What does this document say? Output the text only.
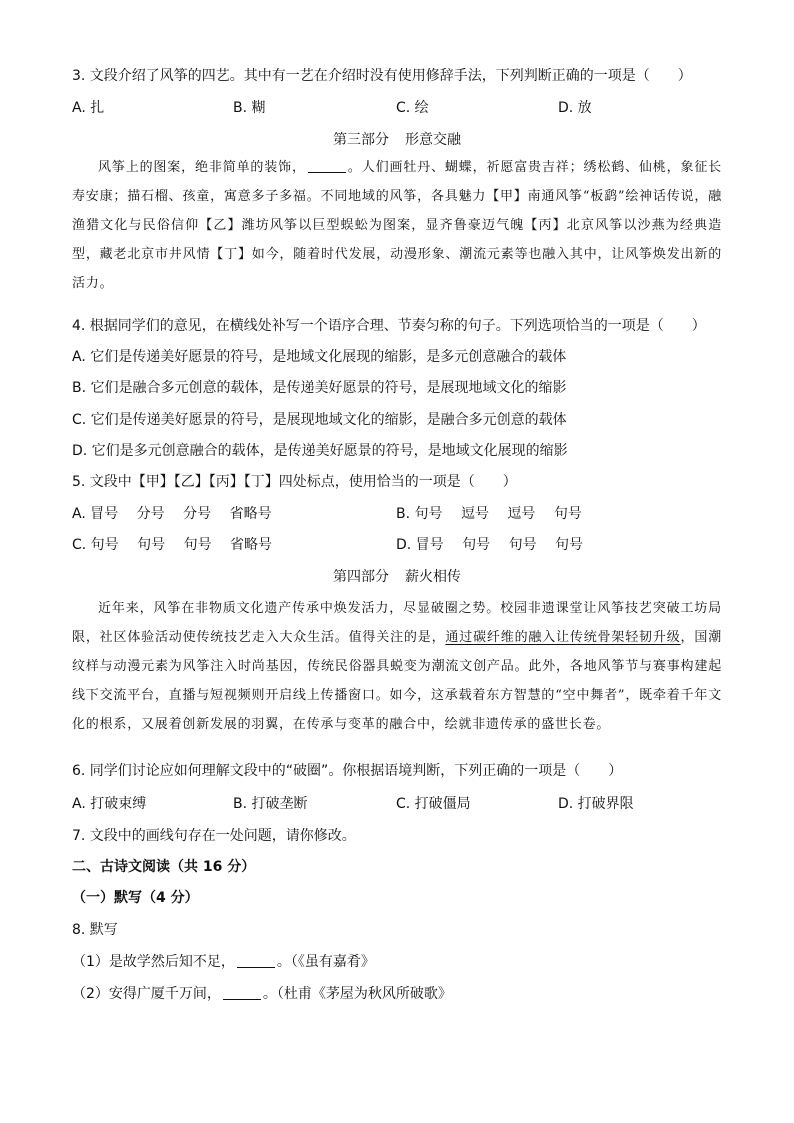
3. 文段介绍了风筝的四艺。其中有一艺在介绍时没有使用修辞手法，下列判断正确的一项是（　　）
A. 扎	B. 糊	C. 绘	D. 放
第三部分 形意交融
风筝上的图案，绝非简单的装饰，	。人们画牡丹、蝴蝶，祈愿富贵吉祥；绣松鹤、仙桃，象征长寿安康；描石榴、孩童，寓意多子多福。不同地域的风筝，各具魅力【甲】南通风筝“板鹞”绘神话传说，融渔猎文化与民俗信仰【乙】潍坊风筝以巨型蜈蚣为图案，显齐鲁豪迈气魄【丙】北京风筝以沙燕为经典造型，藏老北京市井风情【丁】如今，随着时代发展，动漫形象、潮流元素等也融入其中，让风筝焕发出新的活力。
4. 根据同学们的意见，在横线处补写一个语序合理、节奏匀称的句子。下列选项恰当的一项是（　　）
A. 它们是传递美好愿景的符号，是地域文化展现的缩影，是多元创意融合的载体
B. 它们是融合多元创意的载体，是传递美好愿景的符号，是展现地域文化的缩影
C. 它们是传递美好愿景的符号，是展现地域文化的缩影，是融合多元创意的载体
D. 它们是多元创意融合的载体，是传递美好愿景的符号，是地域文化展现的缩影
5. 文段中【甲】【乙】【丙】【丁】四处标点，使用恰当的一项是（　　）
A. 冒号　 分号　 分号　 省略号	B. 句号　 逗号　 逗号　 句号
C. 句号　 句号　 句号　 省略号	D. 冒号　 句号　 句号　 句号
第四部分 薪火相传
近年来，风筝在非物质文化遗产传承中焕发活力，尽显破圈之势。校园非遗课堂让风筝技艺突破工坊局限，社区体验活动使传统技艺走入大众生活。值得关注的是，通过碳纤维的融入让传统骨架轻韧升级，国潮纹样与动漫元素为风筝注入时尚基因，传统民俗器具蜕变为潮流文创产品。此外，各地风筝节与赛事构建起线下交流平台，直播与短视频则开启线上传播窗口。如今，这承载着东方智慧的“空中舞者”，既牵着千年文化的根系，又展着创新发展的羽翼，在传承与变革的融合中，绘就非遗传承的盛世长卷。
6. 同学们讨论应如何理解文段中的“破圈”。你根据语境判断，下列正确的一项是（　　）
A. 打破束缚	B. 打破垄断	C. 打破僵局	D. 打破界限
7. 文段中的画线句存在一处问题，请你修改。
二、古诗文阅读（共 16 分）
（一）默写（4 分）
8. 默写
（1）是故学然后知不足，	。（《虽有嘉肴》
（2）安得广厦千万间，	。（杜甫《茅屋为秋风所破歌》
